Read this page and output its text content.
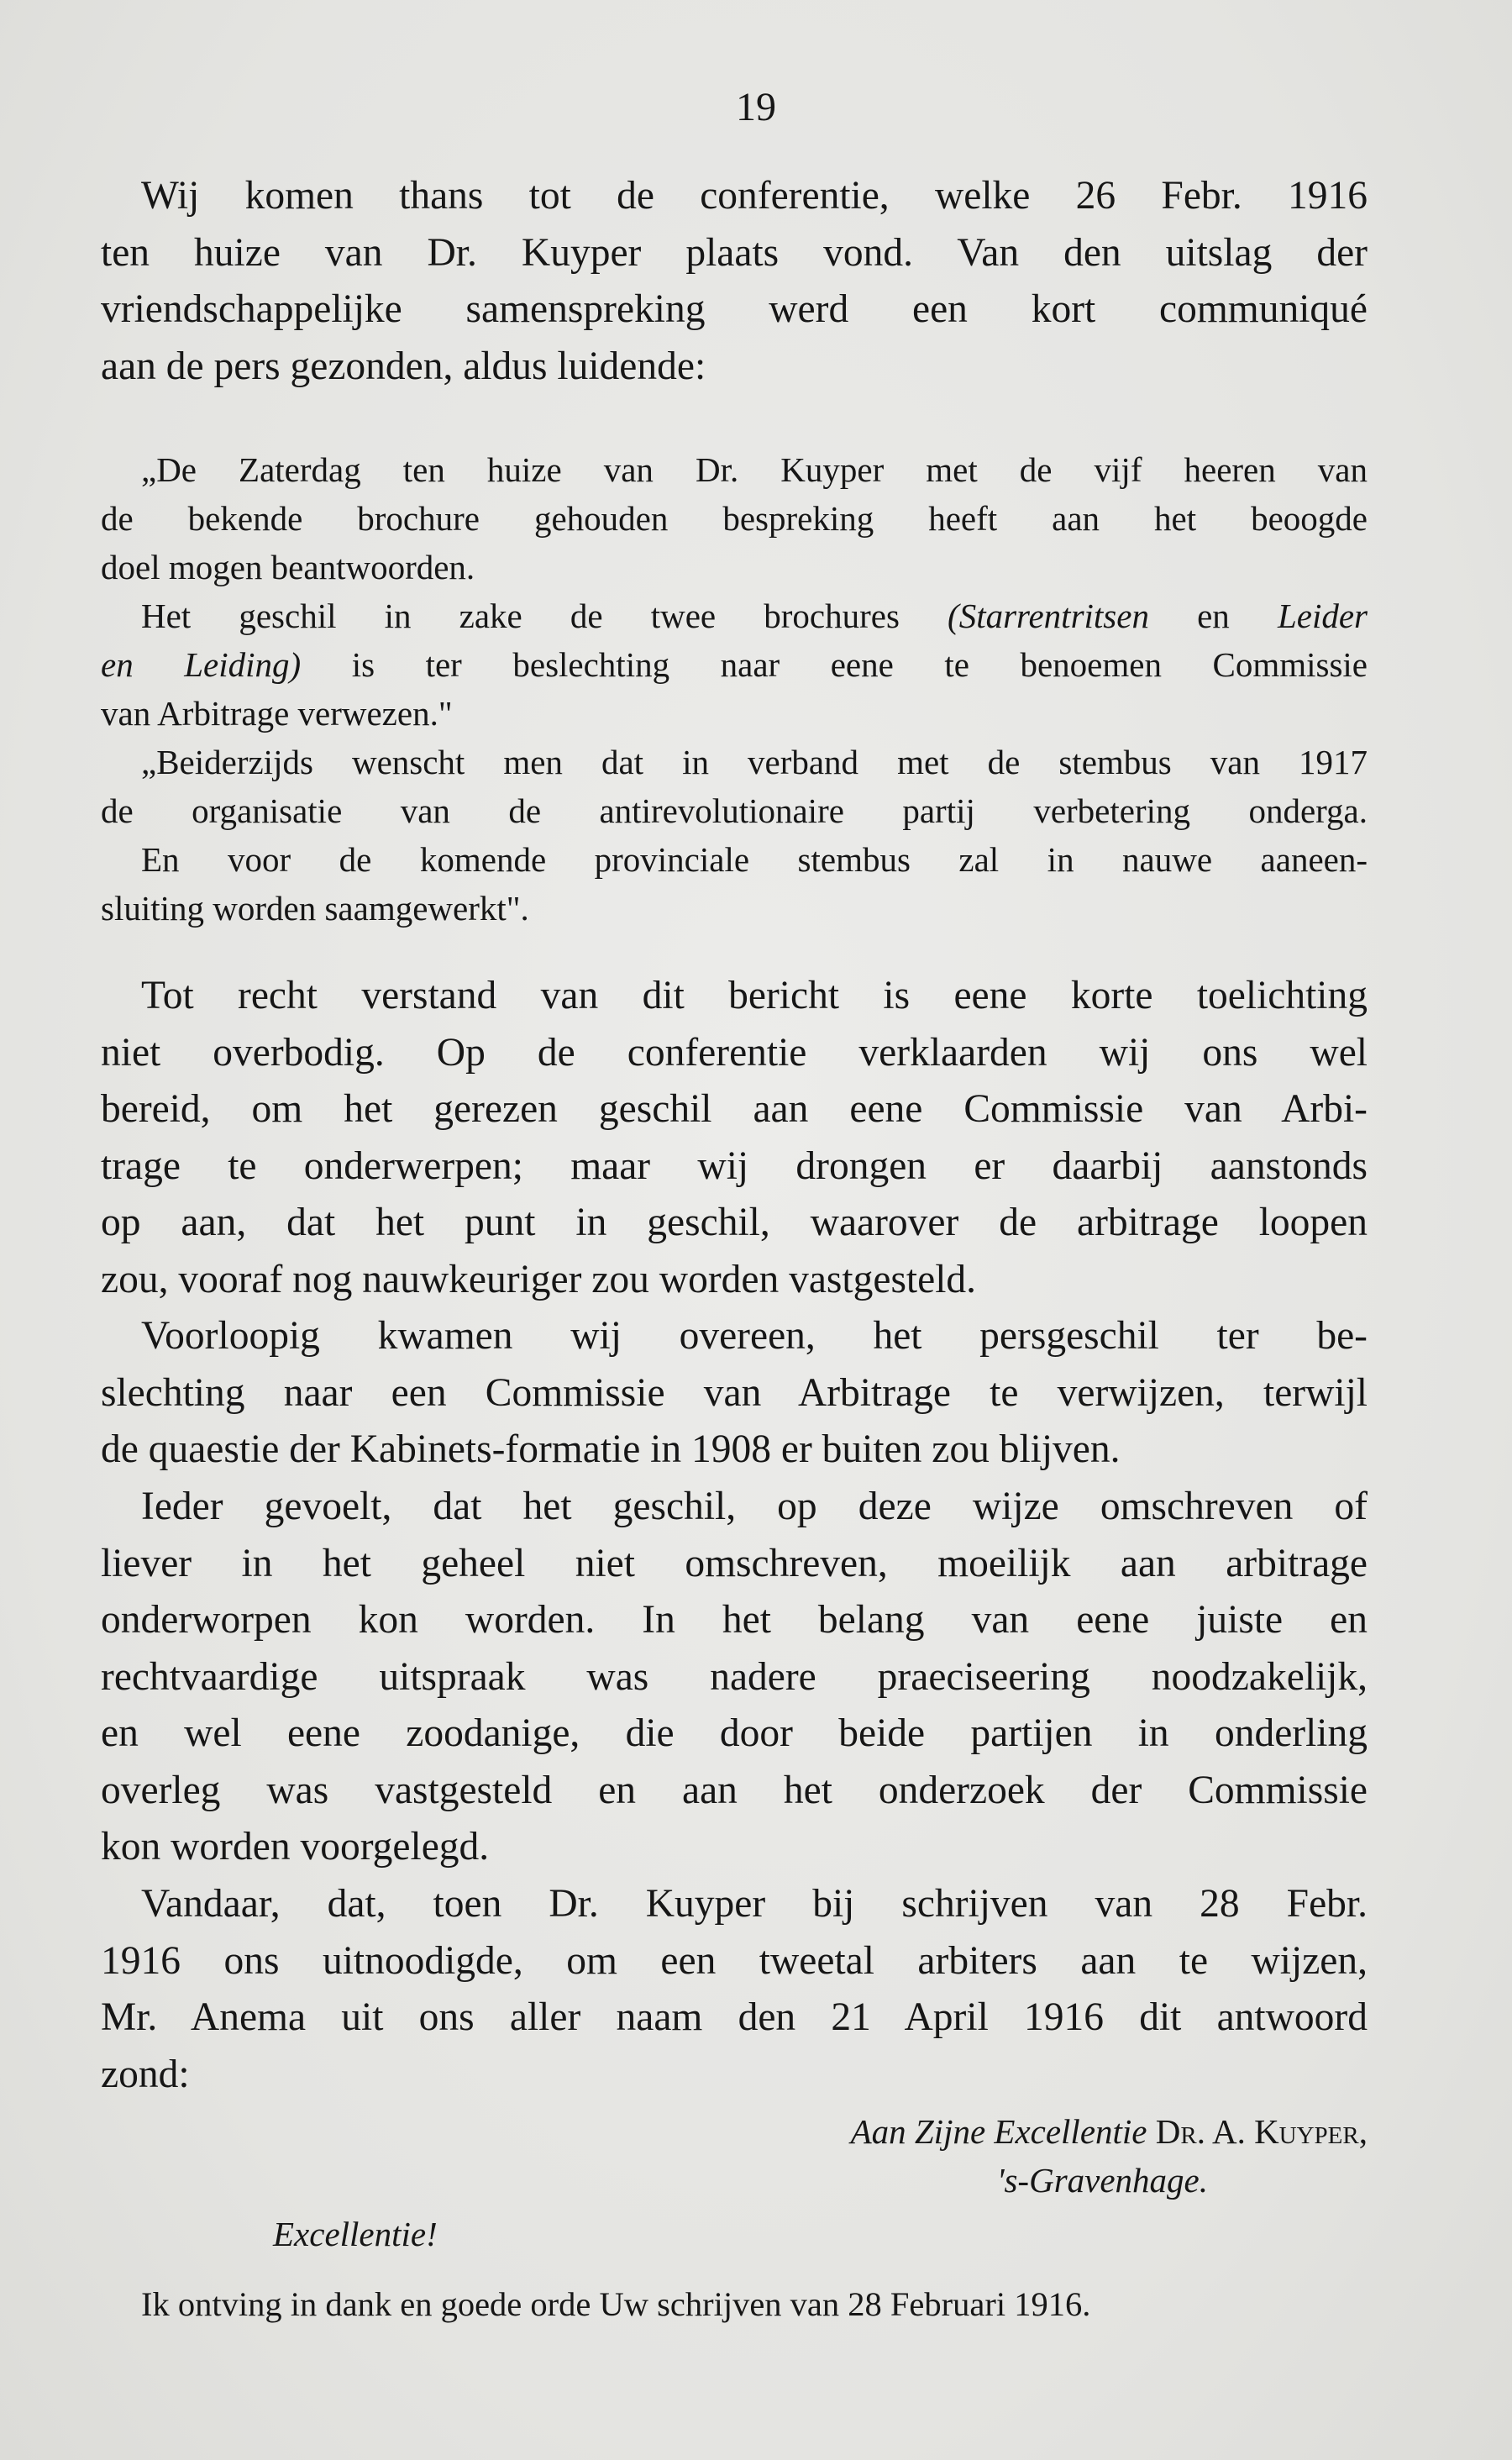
19
Wij komen thans tot de conferentie, welke 26 Febr. 1916
ten huize van Dr. Kuyper plaats vond. Van den uitslag der
vriendschappelijke samenspreking werd een kort communiqué
aan de pers gezonden, aldus luidende:
„De Zaterdag ten huize van Dr. Kuyper met de vijf heeren van
de bekende brochure gehouden bespreking heeft aan het beoogde
doel mogen beantwoorden.
Het geschil in zake de twee brochures (Starrentritsen en Leider
en Leiding) is ter beslechting naar eene te benoemen Commissie
van Arbitrage verwezen."
„Beiderzijds wenscht men dat in verband met de stembus van 1917
de organisatie van de antirevolutionaire partij verbetering onderga.
En voor de komende provinciale stembus zal in nauwe aaneen-
sluiting worden saamgewerkt".
Tot recht verstand van dit bericht is eene korte toelichting
niet overbodig. Op de conferentie verklaarden wij ons wel
bereid, om het gerezen geschil aan eene Commissie van Arbi-
trage te onderwerpen; maar wij drongen er daarbij aanstonds
op aan, dat het punt in geschil, waarover de arbitrage loopen
zou, vooraf nog nauwkeuriger zou worden vastgesteld.
Voorloopig kwamen wij overeen, het persgeschil ter be-
slechting naar een Commissie van Arbitrage te verwijzen, terwijl
de quaestie der Kabinets-formatie in 1908 er buiten zou blijven.
Ieder gevoelt, dat het geschil, op deze wijze omschreven of
liever in het geheel niet omschreven, moeilijk aan arbitrage
onderworpen kon worden. In het belang van eene juiste en
rechtvaardige uitspraak was nadere praeciseering noodzakelijk,
en wel eene zoodanige, die door beide partijen in onderling
overleg was vastgesteld en aan het onderzoek der Commissie
kon worden voorgelegd.
Vandaar, dat, toen Dr. Kuyper bij schrijven van 28 Febr.
1916 ons uitnoodigde, om een tweetal arbiters aan te wijzen,
Mr. Anema uit ons aller naam den 21 April 1916 dit antwoord
zond:
Aan Zijne Excellentie Dr. A. Kuyper,
's-Gravenhage.
Excellentie!
Ik ontving in dank en goede orde Uw schrijven van 28 Februari 1916.
